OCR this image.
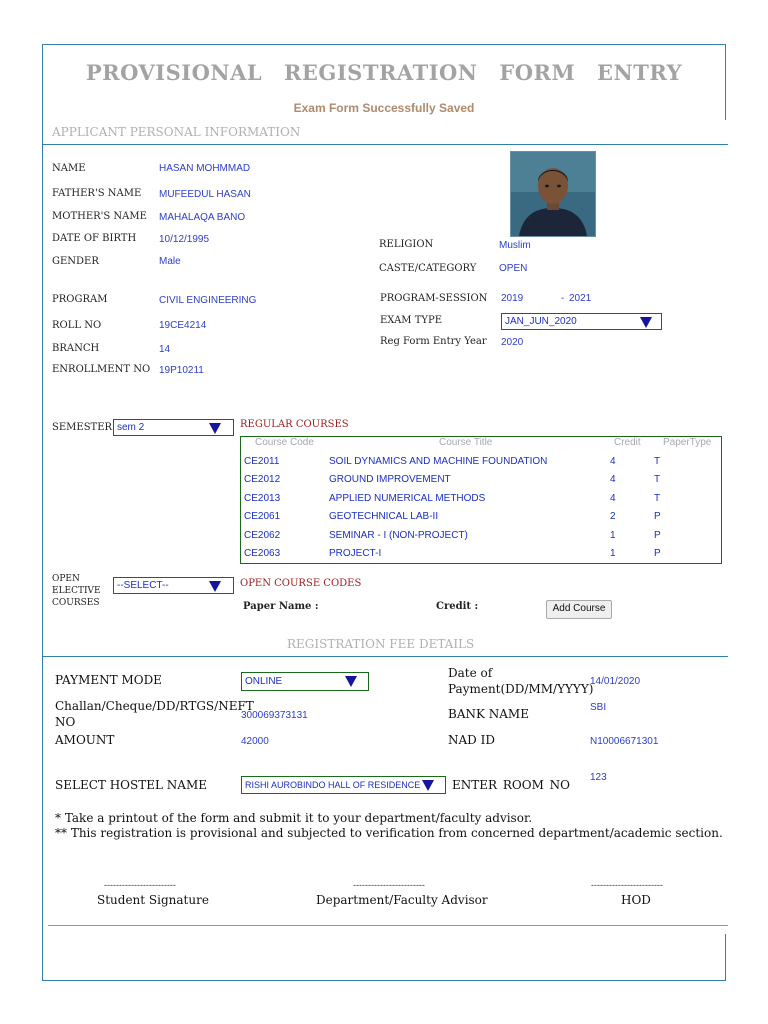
PROVISIONAL REGISTRATION FORM ENTRY
Exam Form Successfully Saved
APPLICANT PERSONAL INFORMATION
NAME	HASAN MOHMMAD
FATHER'S NAME MUFEEDUL HASAN
MOTHER'S NAME MAHALAQA BANO
DATE OF BIRTH 10/12/1995
GENDER	Male
RELIGION	Muslim
CASTE/CATEGORY OPEN
PROGRAM	CIVIL ENGINEERING	PROGRAM-SESSION 2019	- 2021
ROLL NO	19CE4214	EXAM TYPE	JAN_JUN_2020
BRANCH	14
Reg Form Entry Year 2020
ENROLLMENT NO 19P10211
SEMESTER sem 2	REGULAR COURSES
Course Code	Course Title	Credit PaperType
CE2011	SOIL DYNAMICS AND MACHINE FOUNDATION	4	T
CE2012	GROUND IMPROVEMENT	4	T
CE2013	APPLIED NUMERICAL METHODS	4	T
CE2061	GEOTECHNICAL LAB-II	2	P
CE2062	SEMINAR - I (NON-PROJECT)	1	P
CE2063	PROJECT-I	1	P
OPEN
ELECTIVE
COURSES
--SELECT--	OPEN COURSE CODES
Paper Name :	Credit :	Add Course
REGISTRATION FEE DETAILS
PAYMENT MODE	ONLINE
Date of
Payment(DD/MM/YYYY)
14/01/2020
Challan/Cheque/DD/RTGS/NEFT
NO	300069373131	BANK NAME	SBI
AMOUNT	42000	NAD ID	N10006671301
SELECT HOSTEL NAME	RISHI AUROBINDO HALL OF RESIDENCE	ENTER ROOM NO
123
* Take a printout of the form and submit it to your department/faculty advisor.
** This registration is provisional and subjected to verification from concerned department/academic section.
------------------------
Student Signature
------------------------
Department/Faculty Advisor
------------------------
HOD
